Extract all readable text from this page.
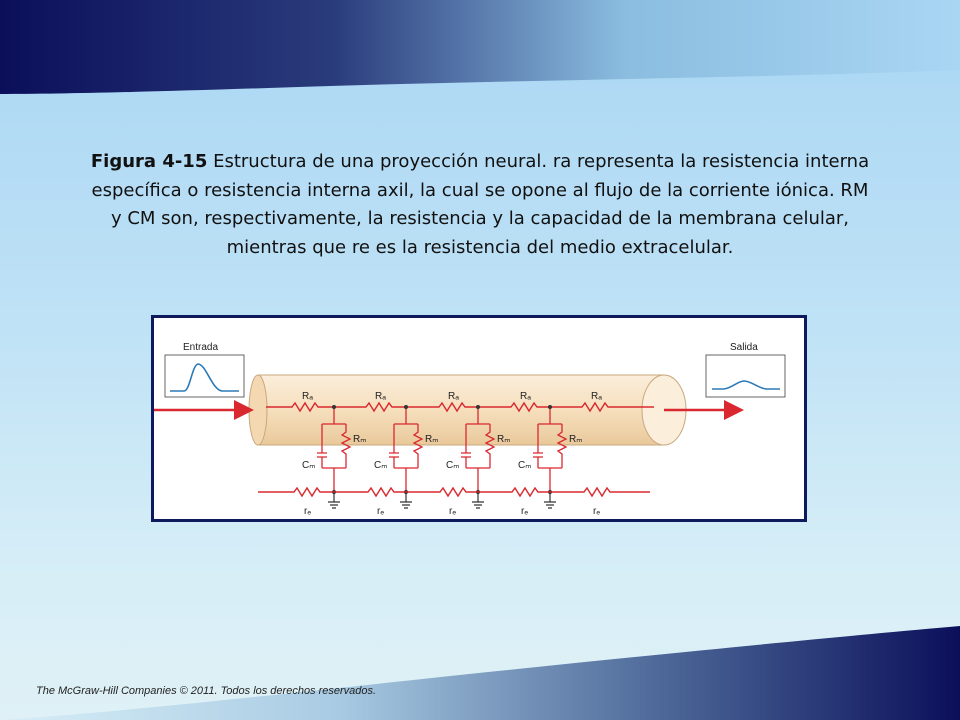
Figura 4-15 Estructura de una proyección neural. ra representa la resistencia interna específica o resistencia interna axil, la cual se opone al flujo de la corriente iónica. RM y CM son, respectivamente, la resistencia y la capacidad de la membrana celular, mientras que re es la resistencia del medio extracelular.
Entrada	Salida
Rₐ	Rₐ	Rₐ	Rₐ	Rₐ
Rₘ	Rₘ	Rₘ	Rₘ
Cₘ	Cₘ	Cₘ	Cₘ
rₑ	rₑ	rₑ	rₑ	rₑ
The McGraw-Hill Companies © 2011. Todos los derechos reservados.
